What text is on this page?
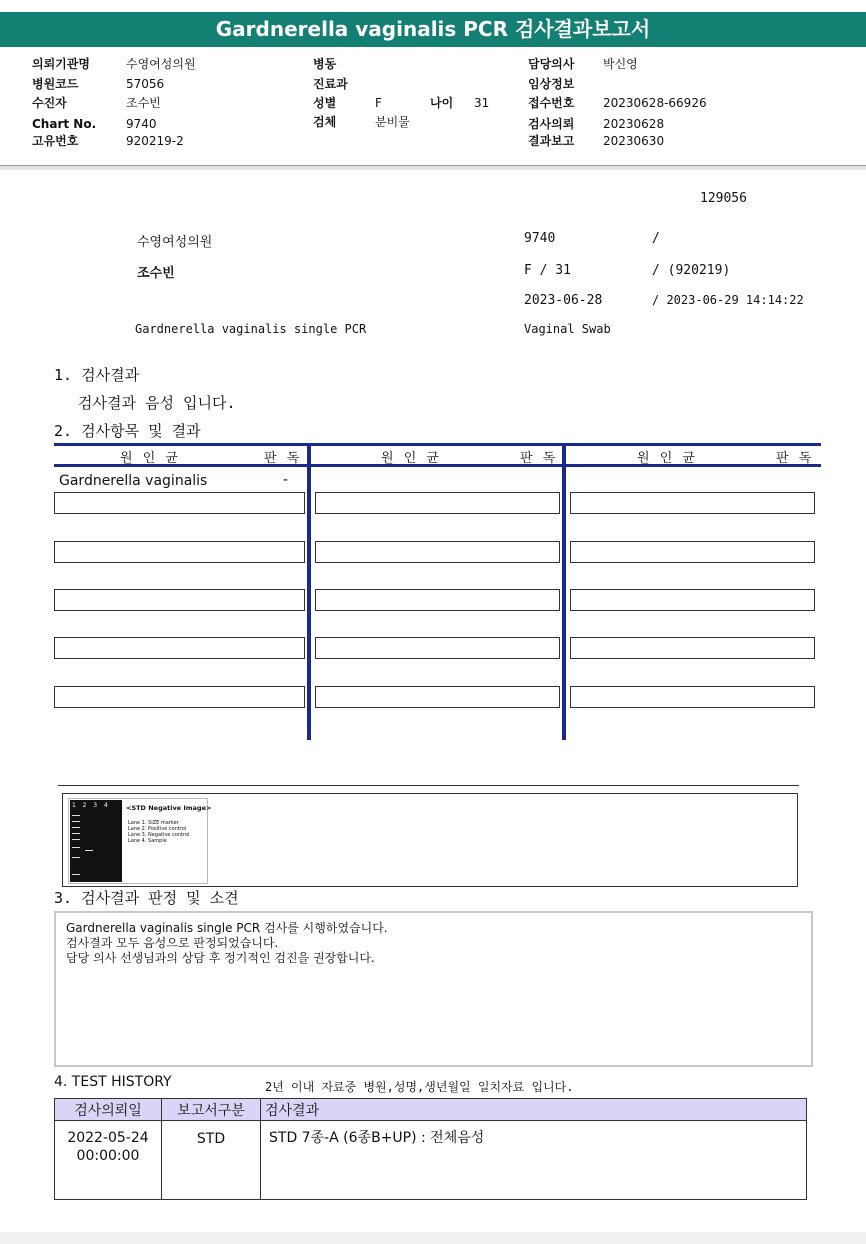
Gardnerella vaginalis PCR 검사결과보고서
의뢰기관명	수영여성의원
병원코드	57056
수진자	조수빈
Chart No. 9740
고유번호	920219-2
병동
진료과
성별	F	나이 31
검체	분비물
담당의사 박신영
임상정보
접수번호 20230628-66926
검사의뢰 20230628
결과보고 20230630
129056
수영여성의원	9740	/
조수빈	F / 31	/ (920219)
2023-06-28	/ 2023-06-29 14:14:22
Gardnerella vaginalis single PCR	Vaginal Swab
1. 검사결과
검사결과 음성 입니다.
2. 검사항목 및 결과
원 인 균	판 독	원 인 균	판 독	원 인 균	판 독
Gardnerella vaginalis	-
1  2  3  4	<STD Negative Image>
Lane 1. SIZE marker
Lane 2. Positive control
Lane 3. Negative control
Lane 4. Sample
3. 검사결과 판정 및 소견
Gardnerella vaginalis single PCR 검사를 시행하였습니다.
검사결과 모두 음성으로 판정되었습니다.
담당 의사 선생님과의 상담 후 정기적인 검진을 권장합니다.
4. TEST HISTORY	2년 이내 자료중 병원,성명,생년월일 일치자료 입니다.
검사의뢰일	보고서구분	검사결과

2022-05-24
00:00:00	STD	STD 7종-A (6종B+UP) : 전체음성
